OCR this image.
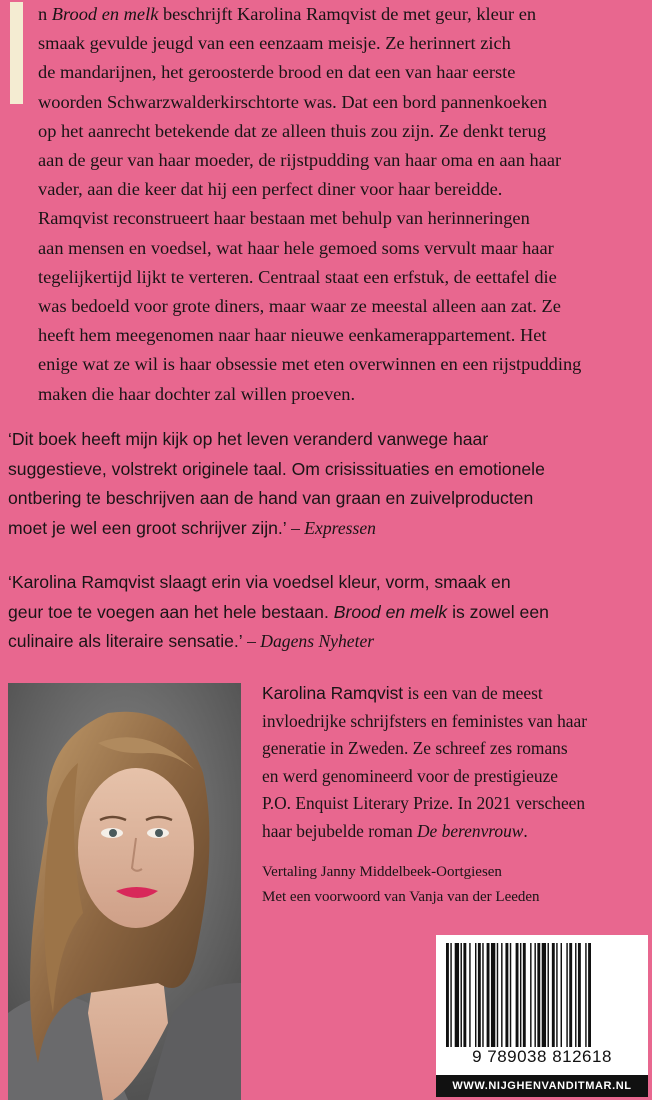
n Brood en melk beschrijft Karolina Ramqvist de met geur, kleur en

smaak gevulde jeugd van een eenzaam meisje. Ze herinnert zich

de mandarijnen, het geroosterde brood en dat een van haar eerste

woorden Schwarzwalderkirschtorte was. Dat een bord pannenkoeken

op het aanrecht betekende dat ze alleen thuis zou zijn. Ze denkt terug

aan de geur van haar moeder, de rijstpudding van haar oma en aan haar

vader, aan die keer dat hij een perfect diner voor haar bereidde.

Ramqvist reconstrueert haar bestaan met behulp van herinneringen

aan mensen en voedsel, wat haar hele gemoed soms vervult maar haar

tegelijkertijd lijkt te verteren. Centraal staat een erfstuk, de eettafel die

was bedoeld voor grote diners, maar waar ze meestal alleen aan zat. Ze

heeft hem meegenomen naar haar nieuwe eenkamerappartement. Het

enige wat ze wil is haar obsessie met eten overwinnen en een rijstpudding

maken die haar dochter zal willen proeven.

‘Dit boek heeft mijn kijk op het leven veranderd vanwege haar
suggestieve, volstrekt originele taal. Om crisissituaties en emotionele
ontbering te beschrijven aan de hand van graan en zuivelproducten
moet je wel een groot schrijver zijn.’ – Expressen
‘Karolina Ramqvist slaagt erin via voedsel kleur, vorm, smaak en
geur toe te voegen aan het hele bestaan. Brood en melk is zowel een
culinaire als literaire sensatie.’ – Dagens Nyheter
Karolina Ramqvist is een van de meest
invloedrijke schrijfsters en feministes van haar
generatie in Zweden. Ze schreef zes romans
en werd genomineerd voor de prestigieuze
P.O. Enquist Literary Prize. In 2021 verscheen
haar bejubelde roman De berenvrouw.
Vertaling Janny Middelbeek-Oortgiesen
Met een voorwoord van Vanja van der Leeden
9 789038 812618
WWW.NIJGHENVANDITMAR.NL
